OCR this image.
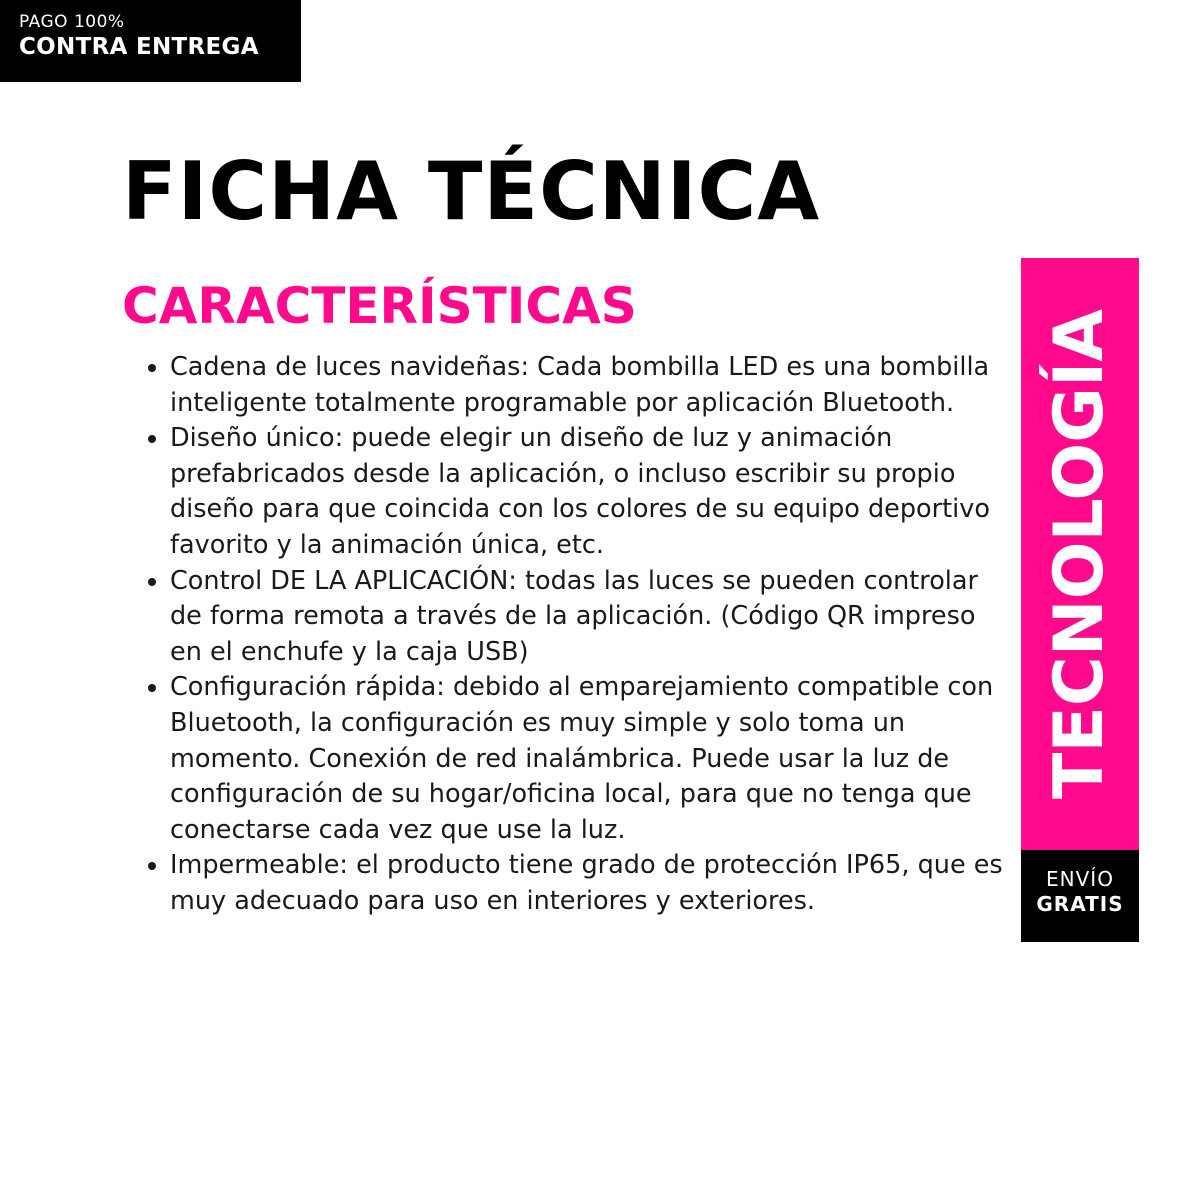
PAGO 100%
CONTRA ENTREGA
FICHA TÉCNICA
CARACTERÍSTICAS
• Cadena de luces navideñas: Cada bombilla LED es una bombilla inteligente totalmente programable por aplicación Bluetooth.
• Diseño único: puede elegir un diseño de luz y animación prefabricados desde la aplicación, o incluso escribir su propio diseño para que coincida con los colores de su equipo deportivo favorito y la animación única, etc.
• Control DE LA APLICACIÓN: todas las luces se pueden controlar de forma remota a través de la aplicación. (Código QR impreso en el enchufe y la caja USB)
• Configuración rápida: debido al emparejamiento compatible con Bluetooth, la configuración es muy simple y solo toma un momento. Conexión de red inalámbrica. Puede usar la luz de configuración de su hogar/oficina local, para que no tenga que conectarse cada vez que use la luz.
• Impermeable: el producto tiene grado de protección IP65, que es muy adecuado para uso en interiores y exteriores.
TECNOLOGÍA
ENVÍO
GRATIS
